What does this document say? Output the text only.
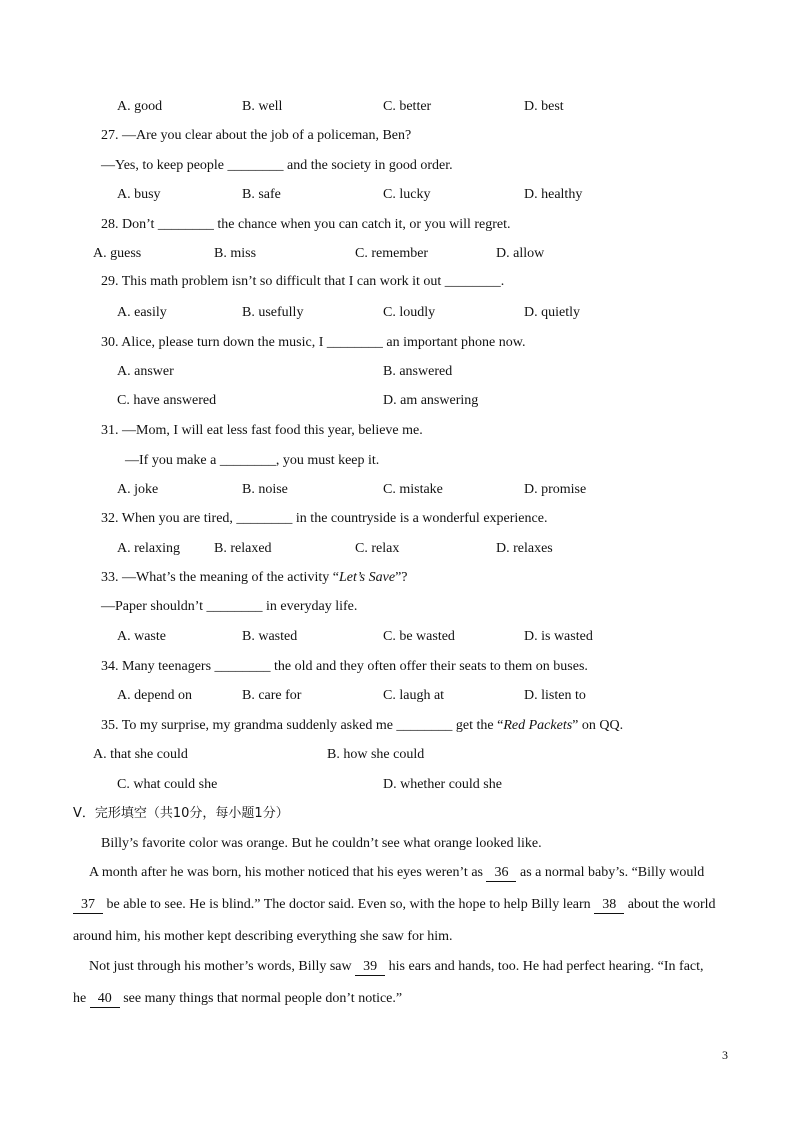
A. good	B. well	C. better	D. best
27. —Are you clear about the job of a policeman, Ben?
—Yes, to keep people ________ and the society in good order.
A. busy	B. safe	C. lucky	D. healthy
28. Don’t ________ the chance when you can catch it, or you will regret.
A. guess	B. miss	C. remember	D. allow
29. This math problem isn’t so difficult that I can work it out ________.
A. easily	B. usefully	C. loudly	D. quietly
30. Alice, please turn down the music, I ________ an important phone now.
A. answer	B. answered
C. have answered	D. am answering
31. —Mom, I will eat less fast food this year, believe me.
—If you make a ________, you must keep it.
A. joke	B. noise	C. mistake	D. promise
32. When you are tired, ________ in the countryside is a wonderful experience.
A. relaxing B. relaxed	C. relax	D. relaxes
33. —What’s the meaning of the activity “Let’s Save”?
—Paper shouldn’t ________ in everyday life.
A. waste	B. wasted	C. be wasted	D. is wasted
34. Many teenagers ________ the old and they often offer their seats to them on buses.
A. depend on	B. care for	C. laugh at	D. listen to
35. To my surprise, my grandma suddenly asked me ________ get the “Red Packets” on QQ.
A. that she could	B. how she could
C. what could she	D. whether could she
V．完形填空（共10分，每小题1分）
Billy’s favorite color was orange. But he couldn’t see what orange looked like.
A month after he was born, his mother noticed that his eyes weren’t as 36 as a normal baby’s. “Billy would
37 be able to see. He is blind.” The doctor said. Even so, with the hope to help Billy learn 38 about the world
around him, his mother kept describing everything she saw for him.
Not just through his mother’s words, Billy saw 39 his ears and hands, too. He had perfect hearing. “In fact,
he 40 see many things that normal people don’t notice.”
3
